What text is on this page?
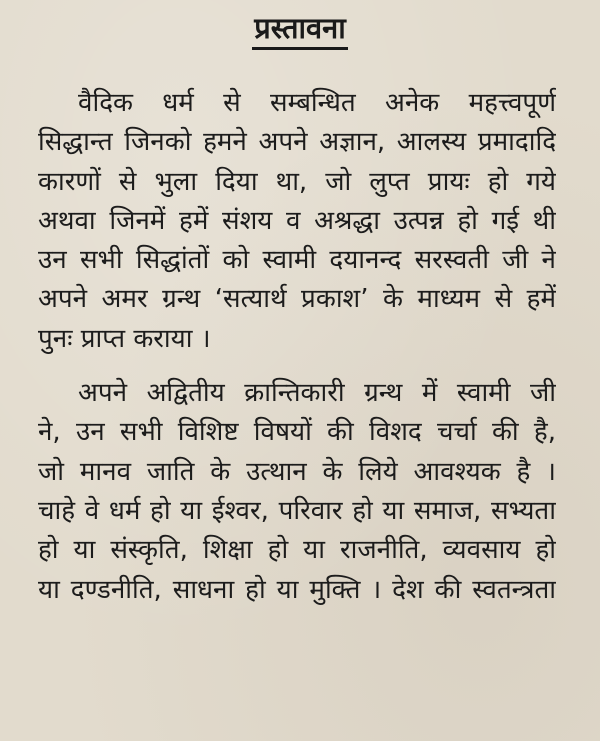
प्रस्तावना
वैदिक धर्म से सम्बन्धित अनेक महत्त्वपूर्ण
सिद्धान्त जिनको हमने अपने अज्ञान, आलस्य प्रमादादि
कारणों से भुला दिया था, जो लुप्त प्रायः हो गये
अथवा जिनमें हमें संशय व अश्रद्धा उत्पन्न हो गई थी
उन सभी सिद्धांतों को स्वामी दयानन्द सरस्वती जी ने
अपने अमर ग्रन्थ ‘सत्यार्थ प्रकाश’ के माध्यम से हमें
पुनः प्राप्त कराया ।
अपने अद्वितीय क्रान्तिकारी ग्रन्थ में स्वामी जी
ने, उन सभी विशिष्ट विषयों की विशद चर्चा की है,
जो मानव जाति के उत्थान के लिये आवश्यक है ।
चाहे वे धर्म हो या ईश्वर, परिवार हो या समाज, सभ्यता
हो या संस्कृति, शिक्षा हो या राजनीति, व्यवसाय हो
या दण्डनीति, साधना हो या मुक्ति । देश की स्वतन्त्रता
